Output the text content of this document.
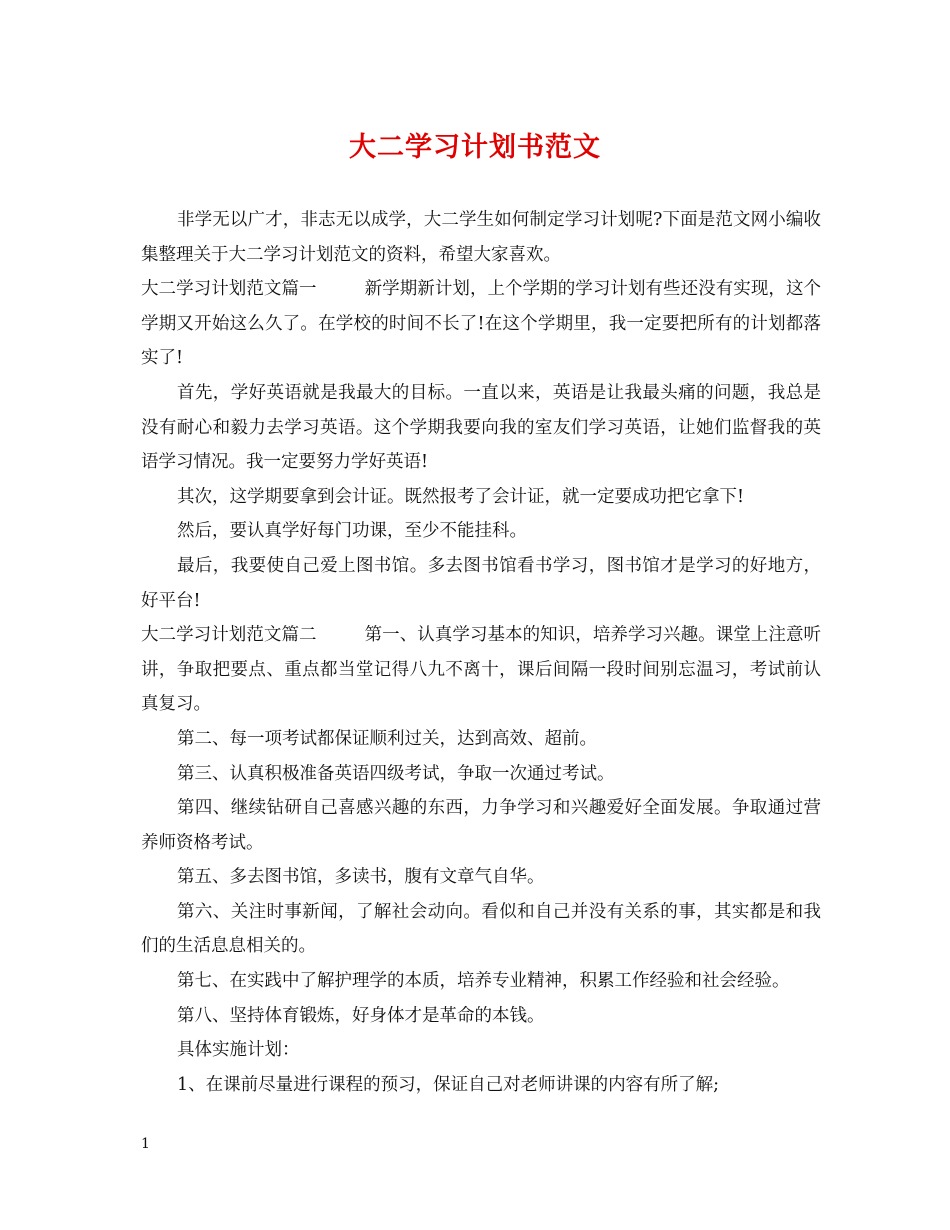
大二学习计划书范文

非学无以广才，非志无以成学，大二学生如何制定学习计划呢?下面是范文网小编收集整理关于大二学习计划范文的资料，希望大家喜欢。

大二学习计划范文篇一	新学期新计划，上个学期的学习计划有些还没有实现，这个学期又开始这么久了。在学校的时间不长了!在这个学期里，我一定要把所有的计划都落实了!

首先，学好英语就是我最大的目标。一直以来，英语是让我最头痛的问题，我总是没有耐心和毅力去学习英语。这个学期我要向我的室友们学习英语，让她们监督我的英语学习情况。我一定要努力学好英语!

其次，这学期要拿到会计证。既然报考了会计证，就一定要成功把它拿下!

然后，要认真学好每门功课，至少不能挂科。

最后，我要使自己爱上图书馆。多去图书馆看书学习，图书馆才是学习的好地方，好平台!

大二学习计划范文篇二	第一、认真学习基本的知识，培养学习兴趣。课堂上注意听讲，争取把要点、重点都当堂记得八九不离十，课后间隔一段时间别忘温习，考试前认真复习。

第二、每一项考试都保证顺利过关，达到高效、超前。

第三、认真积极准备英语四级考试，争取一次通过考试。

第四、继续钻研自己喜感兴趣的东西，力争学习和兴趣爱好全面发展。争取通过营养师资格考试。

第五、多去图书馆，多读书，腹有文章气自华。

第六、关注时事新闻，了解社会动向。看似和自己并没有关系的事，其实都是和我们的生活息息相关的。

第七、在实践中了解护理学的本质，培养专业精神，积累工作经验和社会经验。

第八、坚持体育锻炼，好身体才是革命的本钱。

具体实施计划：

1、在课前尽量进行课程的预习，保证自己对老师讲课的内容有所了解;

1
